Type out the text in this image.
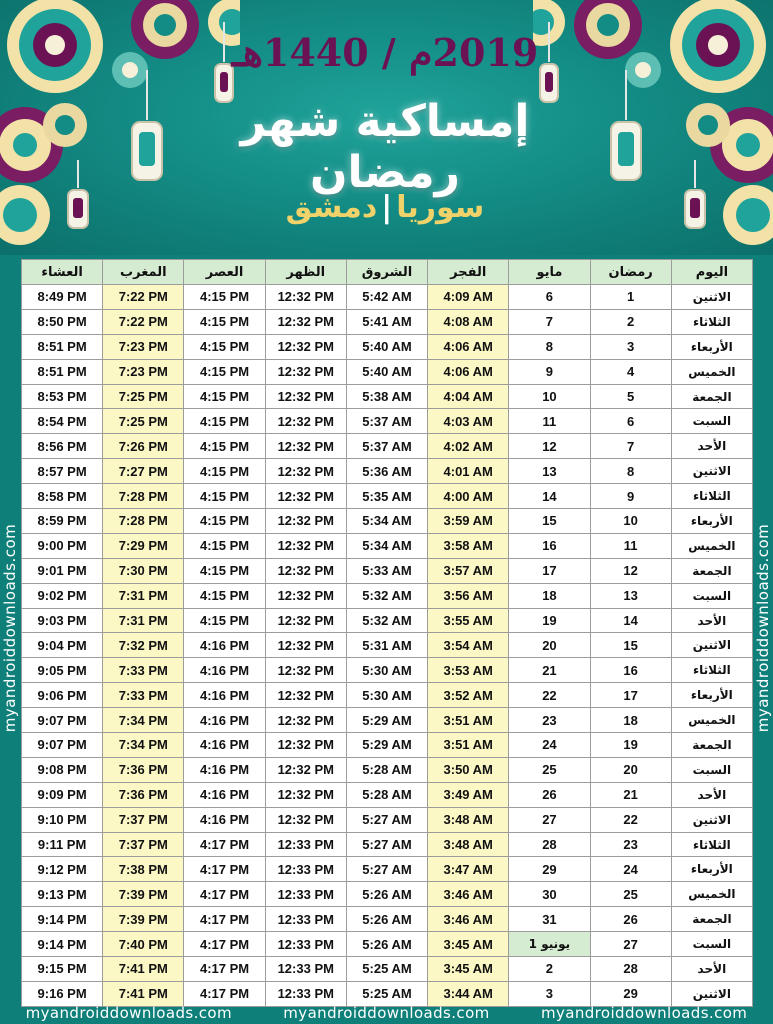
2019م / 1440هـ
إمساكية شهر رمضان
سوريا|دمشق
myandroiddownloads.com	myandroiddownloads.com
العشاء	المغرب	العصر	الظهر	الشروق	الفجر	مايو	رمضان	اليوم
8:49 PM	7:22 PM	4:15 PM	12:32 PM	5:42 AM	4:09 AM	6	1	الاثنين
8:50 PM	7:22 PM	4:15 PM	12:32 PM	5:41 AM	4:08 AM	7	2	الثلاثاء
8:51 PM	7:23 PM	4:15 PM	12:32 PM	5:40 AM	4:06 AM	8	3	الأربعاء
8:51 PM	7:23 PM	4:15 PM	12:32 PM	5:40 AM	4:06 AM	9	4	الخميس
8:53 PM	7:25 PM	4:15 PM	12:32 PM	5:38 AM	4:04 AM	10	5	الجمعة
8:54 PM	7:25 PM	4:15 PM	12:32 PM	5:37 AM	4:03 AM	11	6	السبت
8:56 PM	7:26 PM	4:15 PM	12:32 PM	5:37 AM	4:02 AM	12	7	الأحد
8:57 PM	7:27 PM	4:15 PM	12:32 PM	5:36 AM	4:01 AM	13	8	الاثنين
8:58 PM	7:28 PM	4:15 PM	12:32 PM	5:35 AM	4:00 AM	14	9	الثلاثاء
8:59 PM	7:28 PM	4:15 PM	12:32 PM	5:34 AM	3:59 AM	15	10	الأربعاء
9:00 PM	7:29 PM	4:15 PM	12:32 PM	5:34 AM	3:58 AM	16	11	الخميس
9:01 PM	7:30 PM	4:15 PM	12:32 PM	5:33 AM	3:57 AM	17	12	الجمعة
9:02 PM	7:31 PM	4:15 PM	12:32 PM	5:32 AM	3:56 AM	18	13	السبت
9:03 PM	7:31 PM	4:15 PM	12:32 PM	5:32 AM	3:55 AM	19	14	الأحد
9:04 PM	7:32 PM	4:16 PM	12:32 PM	5:31 AM	3:54 AM	20	15	الاثنين
9:05 PM	7:33 PM	4:16 PM	12:32 PM	5:30 AM	3:53 AM	21	16	الثلاثاء
9:06 PM	7:33 PM	4:16 PM	12:32 PM	5:30 AM	3:52 AM	22	17	الأربعاء
9:07 PM	7:34 PM	4:16 PM	12:32 PM	5:29 AM	3:51 AM	23	18	الخميس
9:07 PM	7:34 PM	4:16 PM	12:32 PM	5:29 AM	3:51 AM	24	19	الجمعة
9:08 PM	7:36 PM	4:16 PM	12:32 PM	5:28 AM	3:50 AM	25	20	السبت
9:09 PM	7:36 PM	4:16 PM	12:32 PM	5:28 AM	3:49 AM	26	21	الأحد
9:10 PM	7:37 PM	4:16 PM	12:32 PM	5:27 AM	3:48 AM	27	22	الاثنين
9:11 PM	7:37 PM	4:17 PM	12:33 PM	5:27 AM	3:48 AM	28	23	الثلاثاء
9:12 PM	7:38 PM	4:17 PM	12:33 PM	5:27 AM	3:47 AM	29	24	الأربعاء
9:13 PM	7:39 PM	4:17 PM	12:33 PM	5:26 AM	3:46 AM	30	25	الخميس
9:14 PM	7:39 PM	4:17 PM	12:33 PM	5:26 AM	3:46 AM	31	26	الجمعة
9:14 PM	7:40 PM	4:17 PM	12:33 PM	5:26 AM	3:45 AM	1 يونيو	27	السبت
9:15 PM	7:41 PM	4:17 PM	12:33 PM	5:25 AM	3:45 AM	2	28	الأحد
9:16 PM	7:41 PM	4:17 PM	12:33 PM	5:25 AM	3:44 AM	3	29	الاثنين
myandroiddownloads.com	myandroiddownloads.com	myandroiddownloads.com
